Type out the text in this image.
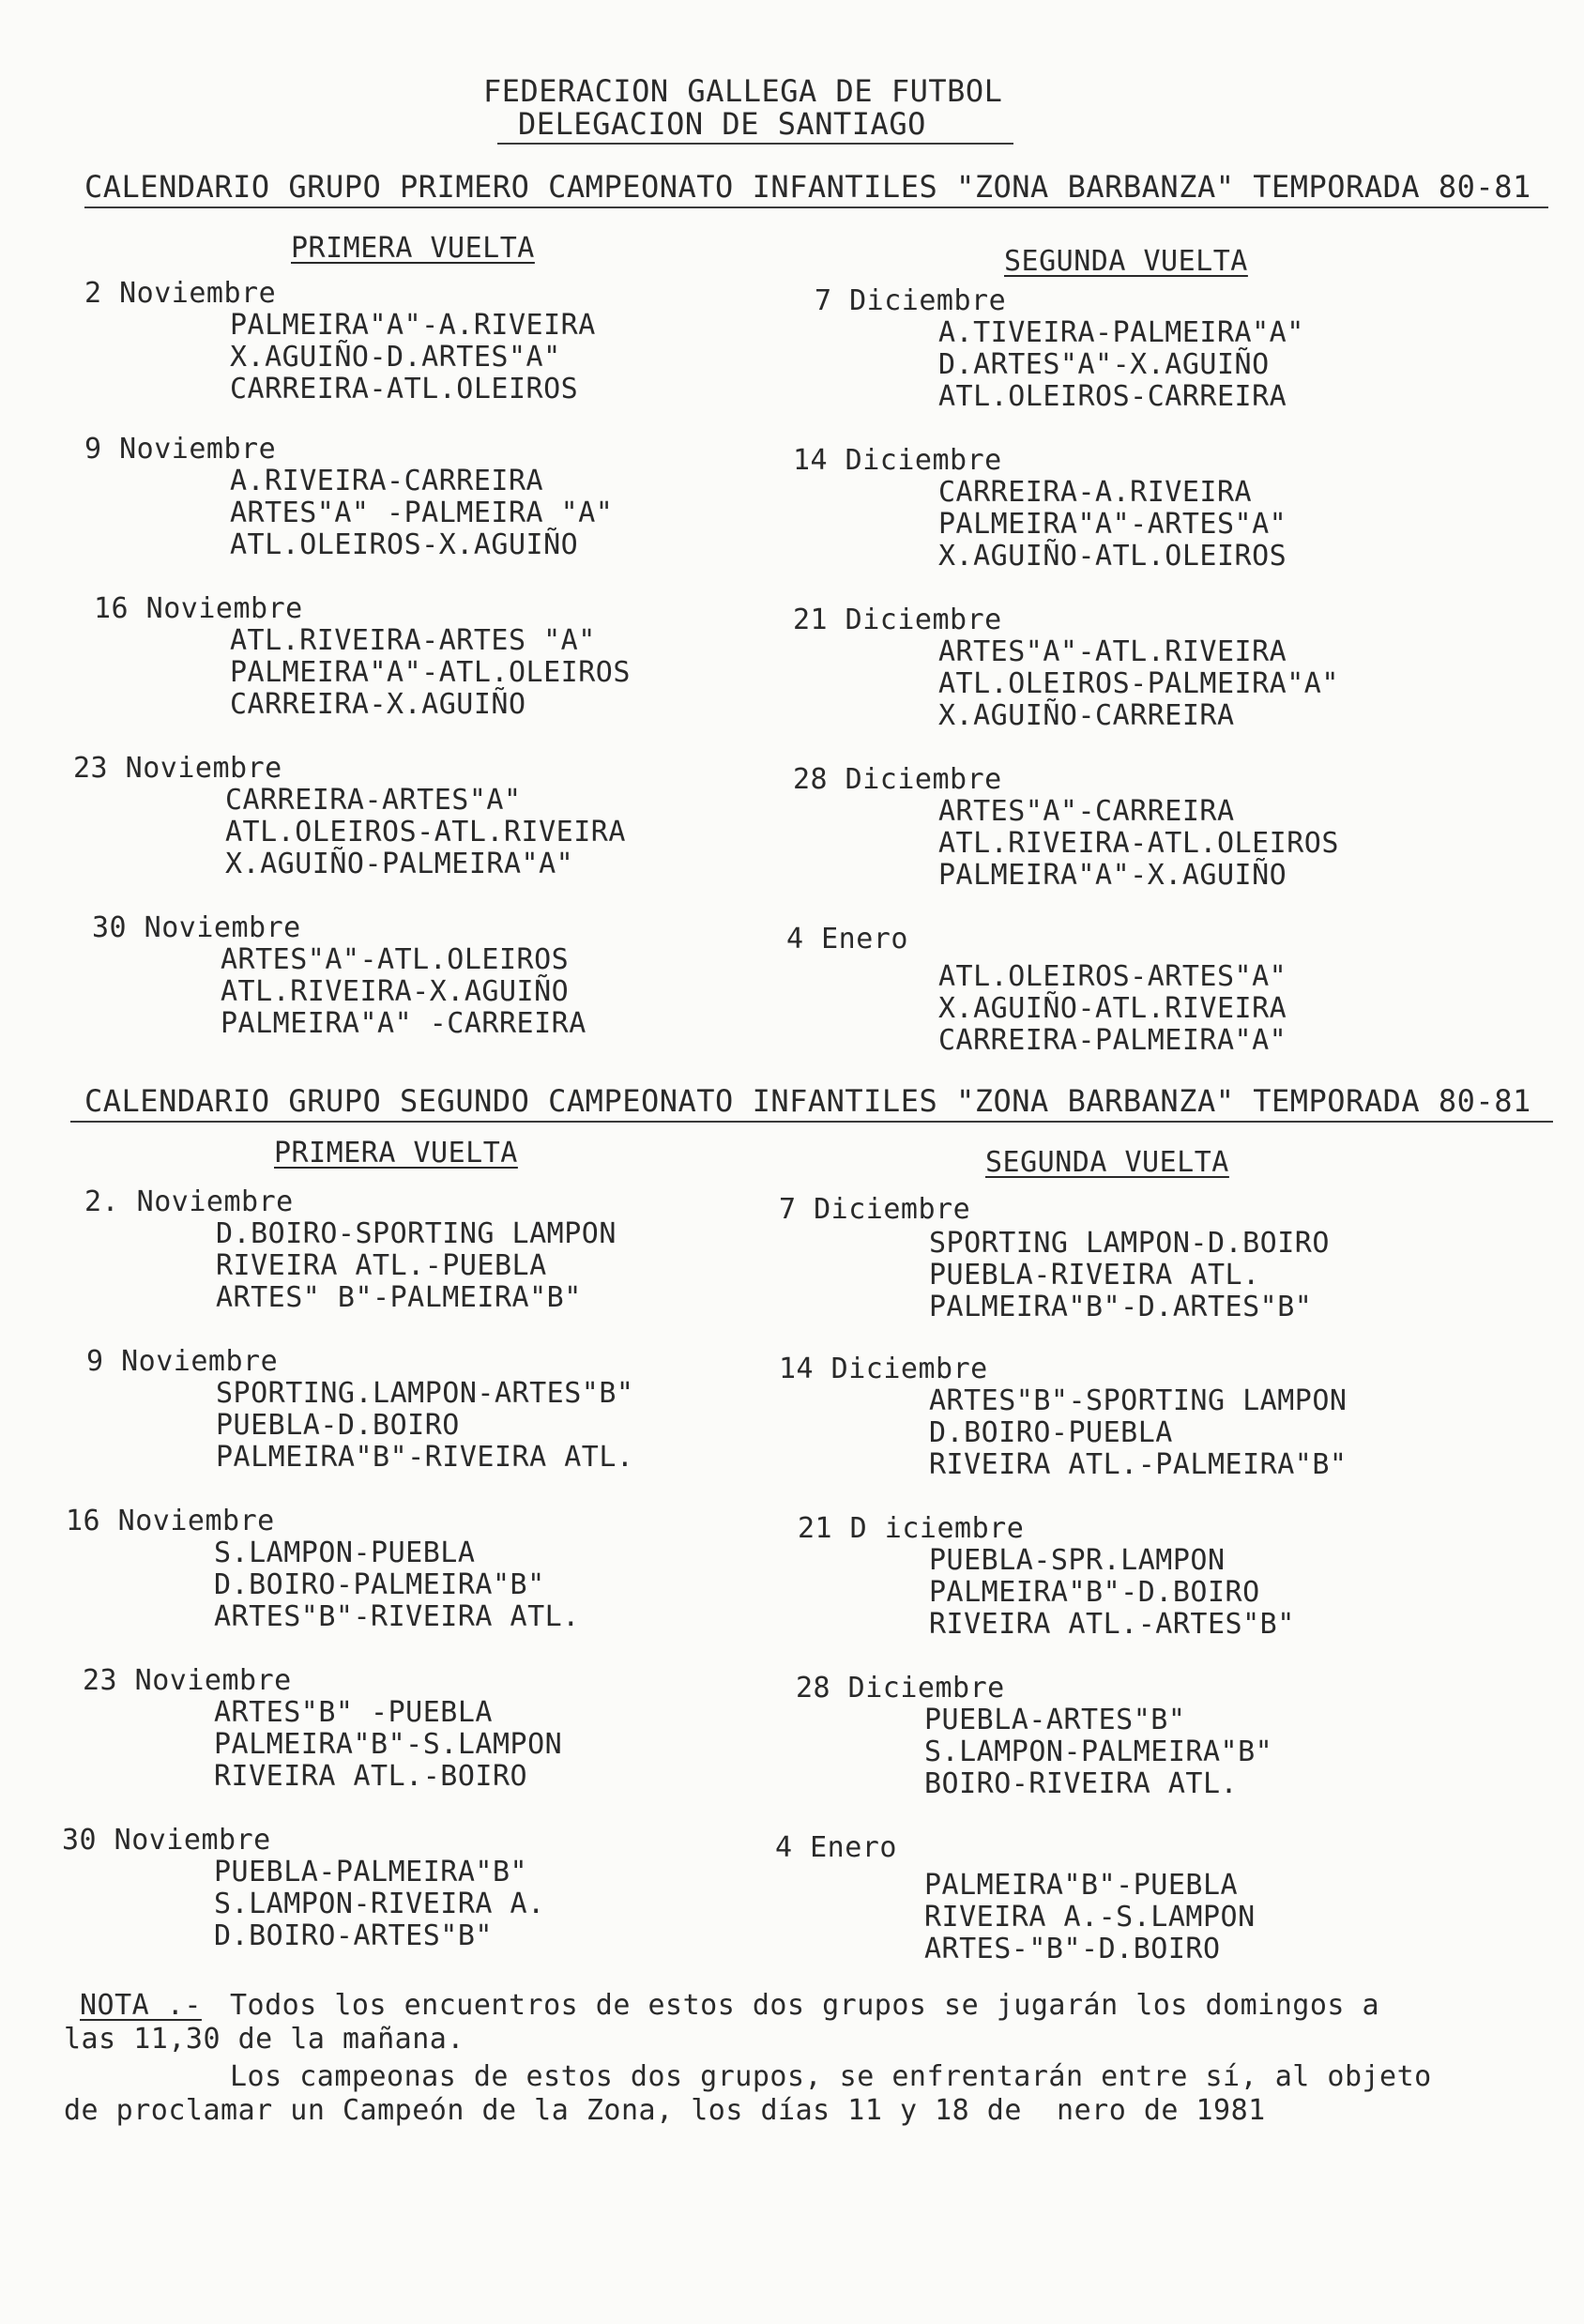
FEDERACION GALLEGA DE FUTBOL
DELEGACION DE SANTIAGO
CALENDARIO GRUPO PRIMERO CAMPEONATO INFANTILES "ZONA BARBANZA" TEMPORADA 80-81
PRIMERA VUELTA	SEGUNDA VUELTA
2 Noviembre
PALMEIRA"A"-A.RIVEIRA
X.AGUIÑO-D.ARTES"A"
CARREIRA-ATL.OLEIROS
9 Noviembre
A.RIVEIRA-CARREIRA
ARTES"A" -PALMEIRA "A"
ATL.OLEIROS-X.AGUIÑO
16 Noviembre
ATL.RIVEIRA-ARTES "A"
PALMEIRA"A"-ATL.OLEIROS
CARREIRA-X.AGUIÑO
23 Noviembre
CARREIRA-ARTES"A"
ATL.OLEIROS-ATL.RIVEIRA
X.AGUIÑO-PALMEIRA"A"
30 Noviembre
ARTES"A"-ATL.OLEIROS
ATL.RIVEIRA-X.AGUIÑO
PALMEIRA"A" -CARREIRA
7 Diciembre
A.TIVEIRA-PALMEIRA"A"
D.ARTES"A"-X.AGUIÑO
ATL.OLEIROS-CARREIRA
14 Diciembre
CARREIRA-A.RIVEIRA
PALMEIRA"A"-ARTES"A"
X.AGUIÑO-ATL.OLEIROS
21 Diciembre
ARTES"A"-ATL.RIVEIRA
ATL.OLEIROS-PALMEIRA"A"
X.AGUIÑO-CARREIRA
28 Diciembre
ARTES"A"-CARREIRA
ATL.RIVEIRA-ATL.OLEIROS
PALMEIRA"A"-X.AGUIÑO
4 Enero
ATL.OLEIROS-ARTES"A"
X.AGUIÑO-ATL.RIVEIRA
CARREIRA-PALMEIRA"A"
CALENDARIO GRUPO SEGUNDO CAMPEONATO INFANTILES "ZONA BARBANZA" TEMPORADA 80-81
PRIMERA VUELTA	SEGUNDA VUELTA
2. Noviembre
D.BOIRO-SPORTING LAMPON
RIVEIRA ATL.-PUEBLA
ARTES" B"-PALMEIRA"B"
9 Noviembre
SPORTING.LAMPON-ARTES"B"
PUEBLA-D.BOIRO
PALMEIRA"B"-RIVEIRA ATL.
16 Noviembre
S.LAMPON-PUEBLA
D.BOIRO-PALMEIRA"B"
ARTES"B"-RIVEIRA ATL.
23 Noviembre
ARTES"B" -PUEBLA
PALMEIRA"B"-S.LAMPON
RIVEIRA ATL.-BOIRO
30 Noviembre
PUEBLA-PALMEIRA"B"
S.LAMPON-RIVEIRA A.
D.BOIRO-ARTES"B"
7 Diciembre
SPORTING LAMPON-D.BOIRO
PUEBLA-RIVEIRA ATL.
PALMEIRA"B"-D.ARTES"B"
14 Diciembre
ARTES"B"-SPORTING LAMPON
D.BOIRO-PUEBLA
RIVEIRA ATL.-PALMEIRA"B"
21 D iciembre
PUEBLA-SPR.LAMPON
PALMEIRA"B"-D.BOIRO
RIVEIRA ATL.-ARTES"B"
28 Diciembre
PUEBLA-ARTES"B"
S.LAMPON-PALMEIRA"B"
BOIRO-RIVEIRA ATL.
4 Enero
PALMEIRA"B"-PUEBLA
RIVEIRA A.-S.LAMPON
ARTES-"B"-D.BOIRO
NOTA .- Todos los encuentros de estos dos grupos se jugarán los domingos a
las 11,30 de la mañana.
Los campeonas de estos dos grupos, se enfrentarán entre sí, al objeto
de proclamar un Campeón de la Zona, los días 11 y 18 de  nero de 1981
